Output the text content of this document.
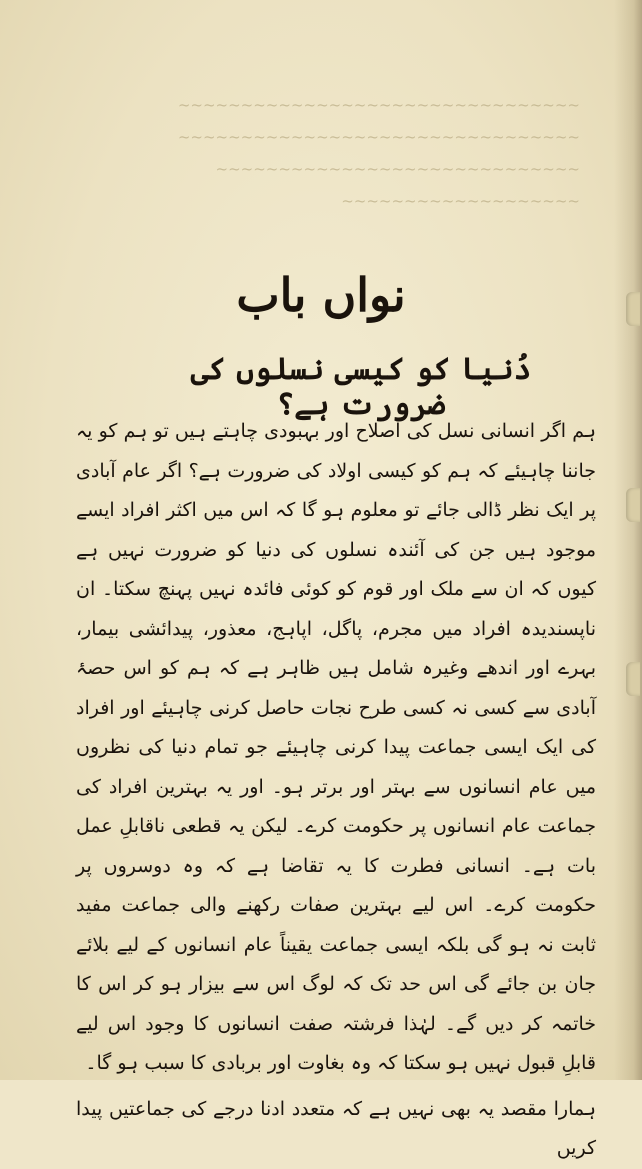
~~~~~~~~~~~~~~~~~~~~~~~~~~~~~~~~
~~~~~~~~~~~~~~~~~~~~~~~~~~~~~~~~
~~~~~~~~~~~~~~~~~~~~~~~~~~~~~
~~~~~~~~~~~~~~~~~~~
نواں باب
دُنیا کو کیسی نسلوں کی ضرورت ہے؟

ہم اگر انسانی نسل کی اصلاح اور بہبودی چاہتے ہیں تو ہم کو یہ جاننا چاہیئے کہ ہم کو کیسی اولاد کی ضرورت ہے؟ اگر عام آبادی پر ایک نظر ڈالی جائے تو معلوم ہو گا کہ اس میں اکثر افراد ایسے موجود ہیں جن کی آئندہ نسلوں کی دنیا کو ضرورت نہیں ہے کیوں کہ ان سے ملک اور قوم کو کوئی فائدہ نہیں پہنچ سکتا۔ ان ناپسندیدہ افراد میں مجرم، پاگل، اپاہج، معذور، پیدائشی بیمار، بہرے اور اندھے وغیرہ شامل ہیں ظاہر ہے کہ ہم کو اس حصۂ آبادی سے کسی نہ کسی طرح نجات حاصل کرنی چاہیئے اور افراد کی ایک ایسی جماعت پیدا کرنی چاہیئے جو تمام دنیا کی نظروں میں عام انسانوں سے بہتر اور برتر ہو۔ اور یہ بہترین افراد کی جماعت عام انسانوں پر حکومت کرے۔ لیکن یہ قطعی ناقابلِ عمل بات ہے۔ انسانی فطرت کا یہ تقاضا ہے کہ وہ دوسروں پر حکومت کرے۔ اس لیے بہترین صفات رکھنے والی جماعت مفید ثابت نہ ہو گی بلکہ ایسی جماعت یقیناً عام انسانوں کے لیے بلائے جان بن جائے گی اس حد تک کہ لوگ اس سے بیزار ہو کر اس کا خاتمہ کر دیں گے۔ لہٰذا فرشتہ صفت انسانوں کا وجود اس لیے قابلِ قبول نہیں ہو سکتا کہ وہ بغاوت اور بربادی کا سبب ہو گا۔

ہمارا مقصد یہ بھی نہیں ہے کہ متعدد ادنا درجے کی جماعتیں پیدا کریں
